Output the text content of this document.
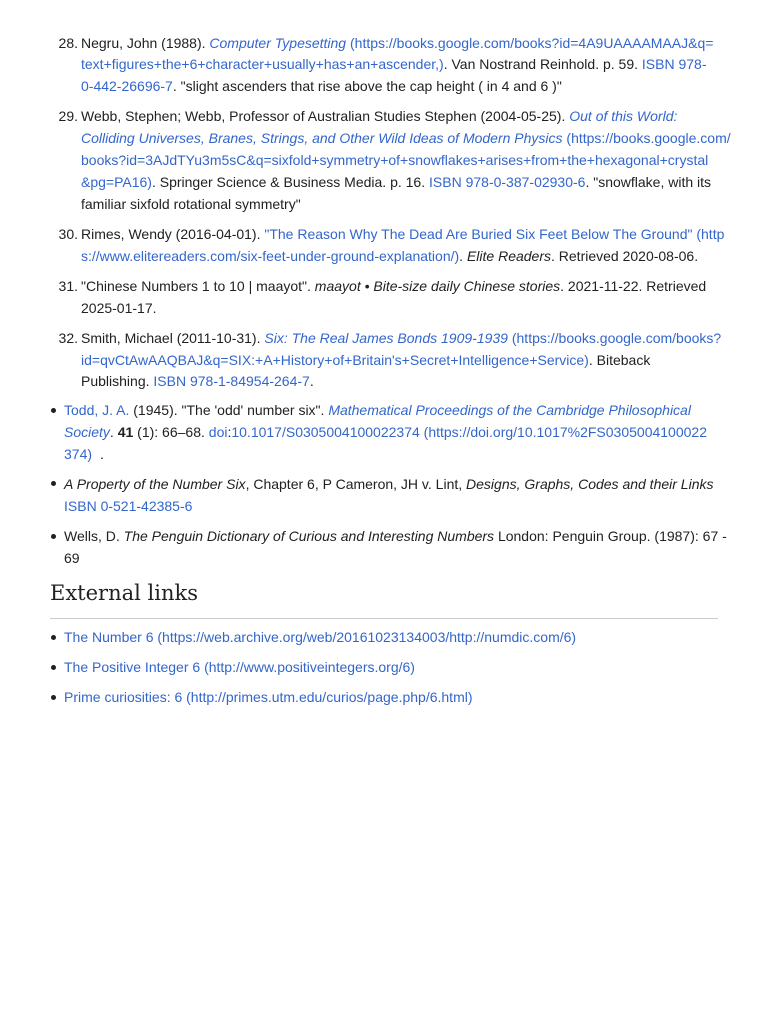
28. Negru, John (1988). Computer Typesetting (https://books.google.com/books?id=4A9UAAAAMAAJ&q=
text+figures+the+6+character+usually+has+an+ascender,). Van Nostrand Reinhold. p. 59. ISBN 978-
0-442-26696-7. "slight ascenders that rise above the cap height ( in 4 and 6 )"
29. Webb, Stephen; Webb, Professor of Australian Studies Stephen (2004-05-25). Out of this World:
Colliding Universes, Branes, Strings, and Other Wild Ideas of Modern Physics (https://books.google.com/
books?id=3AJdTYu3m5sC&q=sixfold+symmetry+of+snowflakes+arises+from+the+hexagonal+crystal
&pg=PA16). Springer Science & Business Media. p. 16. ISBN 978-0-387-02930-6. "snowflake, with its
familiar sixfold rotational symmetry"
30. Rimes, Wendy (2016-04-01). "The Reason Why The Dead Are Buried Six Feet Below The Ground" (http
s://www.elitereaders.com/six-feet-under-ground-explanation/). Elite Readers. Retrieved 2020-08-06.
31. "Chinese Numbers 1 to 10 | maayot". maayot • Bite-size daily Chinese stories. 2021-11-22. Retrieved
2025-01-17.
32. Smith, Michael (2011-10-31). Six: The Real James Bonds 1909-1939 (https://books.google.com/books?
id=qvCtAwAAQBAJ&q=SIX:+A+History+of+Britain's+Secret+Intelligence+Service). Biteback
Publishing. ISBN 978-1-84954-264-7.
Todd, J. A. (1945). "The 'odd' number six". Mathematical Proceedings of the Cambridge Philosophical
Society. 41 (1): 66–68. doi:10.1017/S0305004100022374 (https://doi.org/10.1017%2FS0305004100022
374) .
A Property of the Number Six, Chapter 6, P Cameron, JH v. Lint, Designs, Graphs, Codes and their Links
ISBN 0-521-42385-6
Wells, D. The Penguin Dictionary of Curious and Interesting Numbers London: Penguin Group. (1987): 67 -
69
External links
The Number 6 (https://web.archive.org/web/20161023134003/http://numdic.com/6)
The Positive Integer 6 (http://www.positiveintegers.org/6)
Prime curiosities: 6 (http://primes.utm.edu/curios/page.php/6.html)
